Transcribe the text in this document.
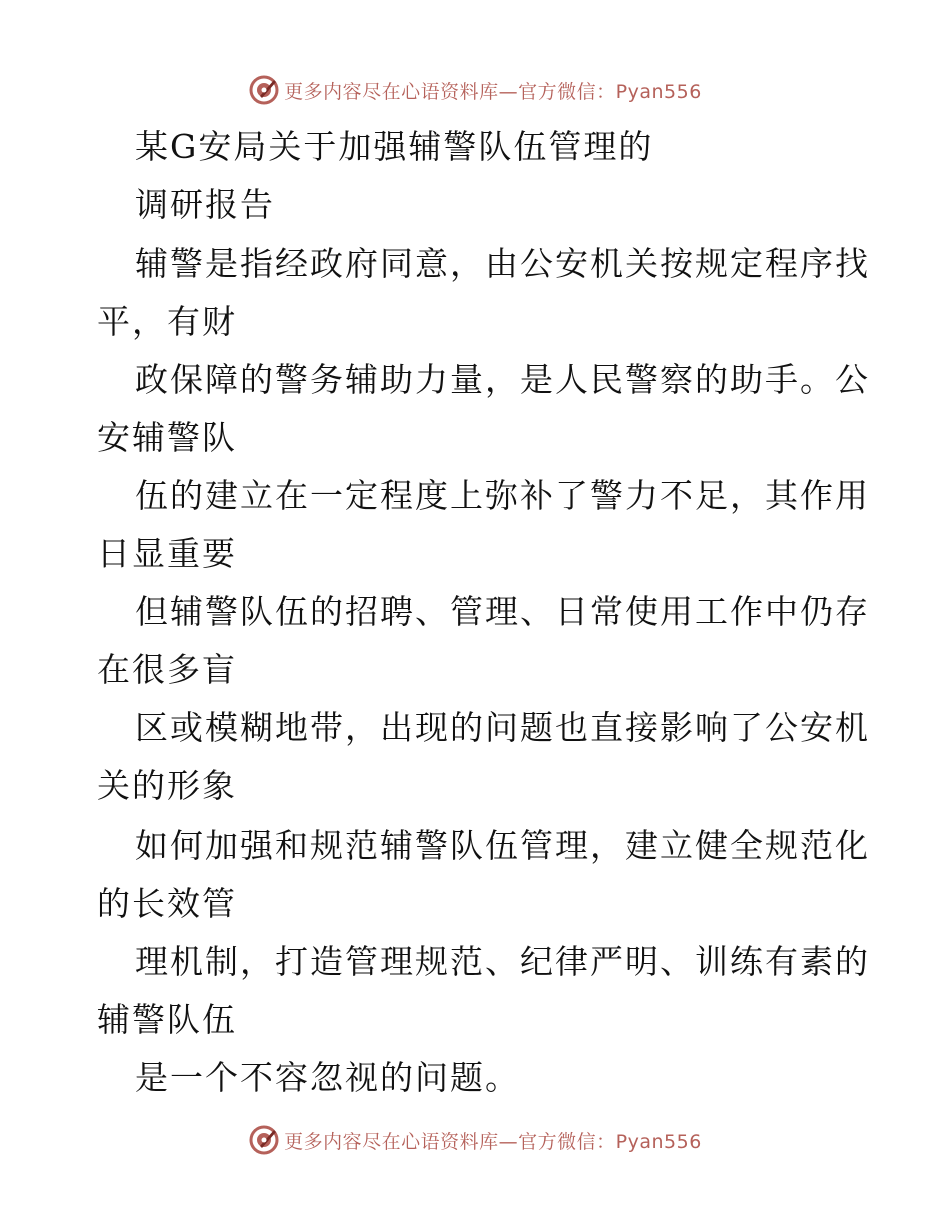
更多内容尽在心语资料库—官方微信：Pyan556
某G安局关于加强辅警队伍管理的
调研报告
辅警是指经政府同意，由公安机关按规定程序找
平，有财
政保障的警务辅助力量，是人民警察的助手。公
安辅警队
伍的建立在一定程度上弥补了警力不足，其作用
日显重要
但辅警队伍的招聘、管理、日常使用工作中仍存
在很多盲
区或模糊地带，出现的问题也直接影响了公安机
关的形象
如何加强和规范辅警队伍管理，建立健全规范化
的长效管
理机制，打造管理规范、纪律严明、训练有素的
辅警队伍
是一个不容忽视的问题。
更多内容尽在心语资料库—官方微信：Pyan556
